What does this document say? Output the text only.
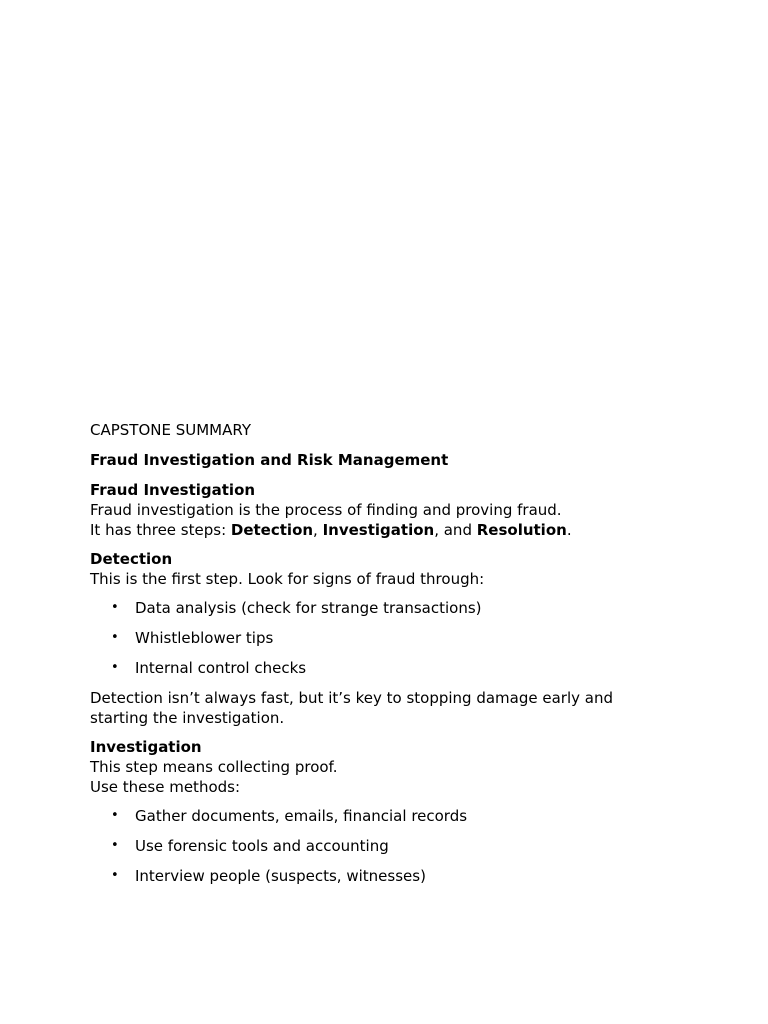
CAPSTONE SUMMARY
Fraud Investigation and Risk Management
Fraud Investigation
Fraud investigation is the process of finding and proving fraud.
It has three steps: Detection, Investigation, and Resolution.
Detection
This is the first step. Look for signs of fraud through:
• Data analysis (check for strange transactions)
• Whistleblower tips
• Internal control checks
Detection isn’t always fast, but it’s key to stopping damage early and
starting the investigation.
Investigation
This step means collecting proof.
Use these methods:
• Gather documents, emails, financial records
• Use forensic tools and accounting
• Interview people (suspects, witnesses)
